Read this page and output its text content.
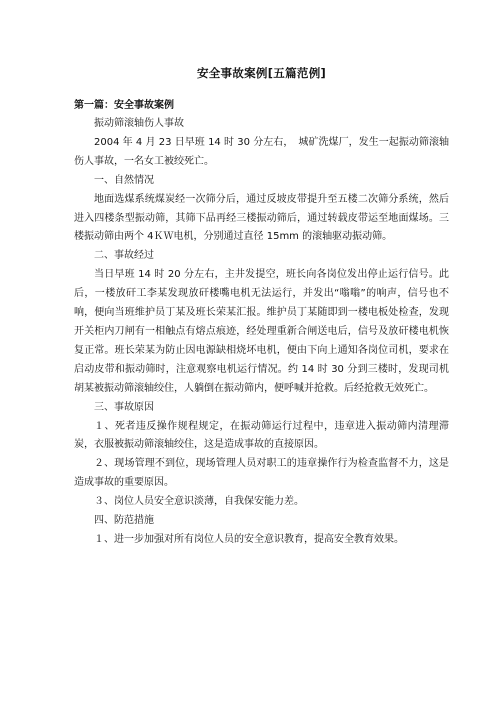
安全事故案例[五篇范例]
第一篇：安全事故案例

振动筛滚轴伤人事故

2004 年 4 月 23 日早班 14 时 30 分左右，　城矿洗煤厂，发生一起振动筛滚轴伤人事故，一名女工被绞死亡。

一、自然情况

地面选煤系统煤炭经一次筛分后，通过反坡皮带提升至五楼二次筛分系统，然后进入四楼条型振动筛，其筛下品再经三楼振动筛后，通过转载皮带运至地面煤场。三楼振动筛由两个 4ＫＷ电机，分别通过直径 15mm 的滚轴驱动振动筛。

二、事故经过

当日早班 14 时 20 分左右，主井发提空，班长向各岗位发出停止运行信号。此后，一楼放矸工李某发现放矸楼嘴电机无法运行，并发出“嗡嗡”的响声，信号也不响，便向当班维护员丁某及班长荣某汇报。维护员丁某随即到一楼电板处检查，发现开关柜内刀闸有一相触点有熔点痕迹，经处理重新合闸送电后，信号及放矸楼电机恢复正常。班长荣某为防止因电源缺相烧坏电机，便由下向上通知各岗位司机，要求在启动皮带和振动筛时，注意观察电机运行情况。约 14 时 30 分到三楼时，发现司机胡某被振动筛滚轴绞住，人躺倒在振动筛内，便呼喊并抢救。后经抢救无效死亡。

三、事故原因

１、死者违反操作规程规定，在振动筛运行过程中，违章进入振动筛内清理滞炭，衣服被振动筛滚轴绞住，这是造成事故的直接原因。

２、现场管理不到位，现场管理人员对职工的违章操作行为检查监督不力，这是造成事故的重要原因。

３、岗位人员安全意识淡薄，自我保安能力差。

四、防范措施

１、进一步加强对所有岗位人员的安全意识教育，提高安全教育效果。
